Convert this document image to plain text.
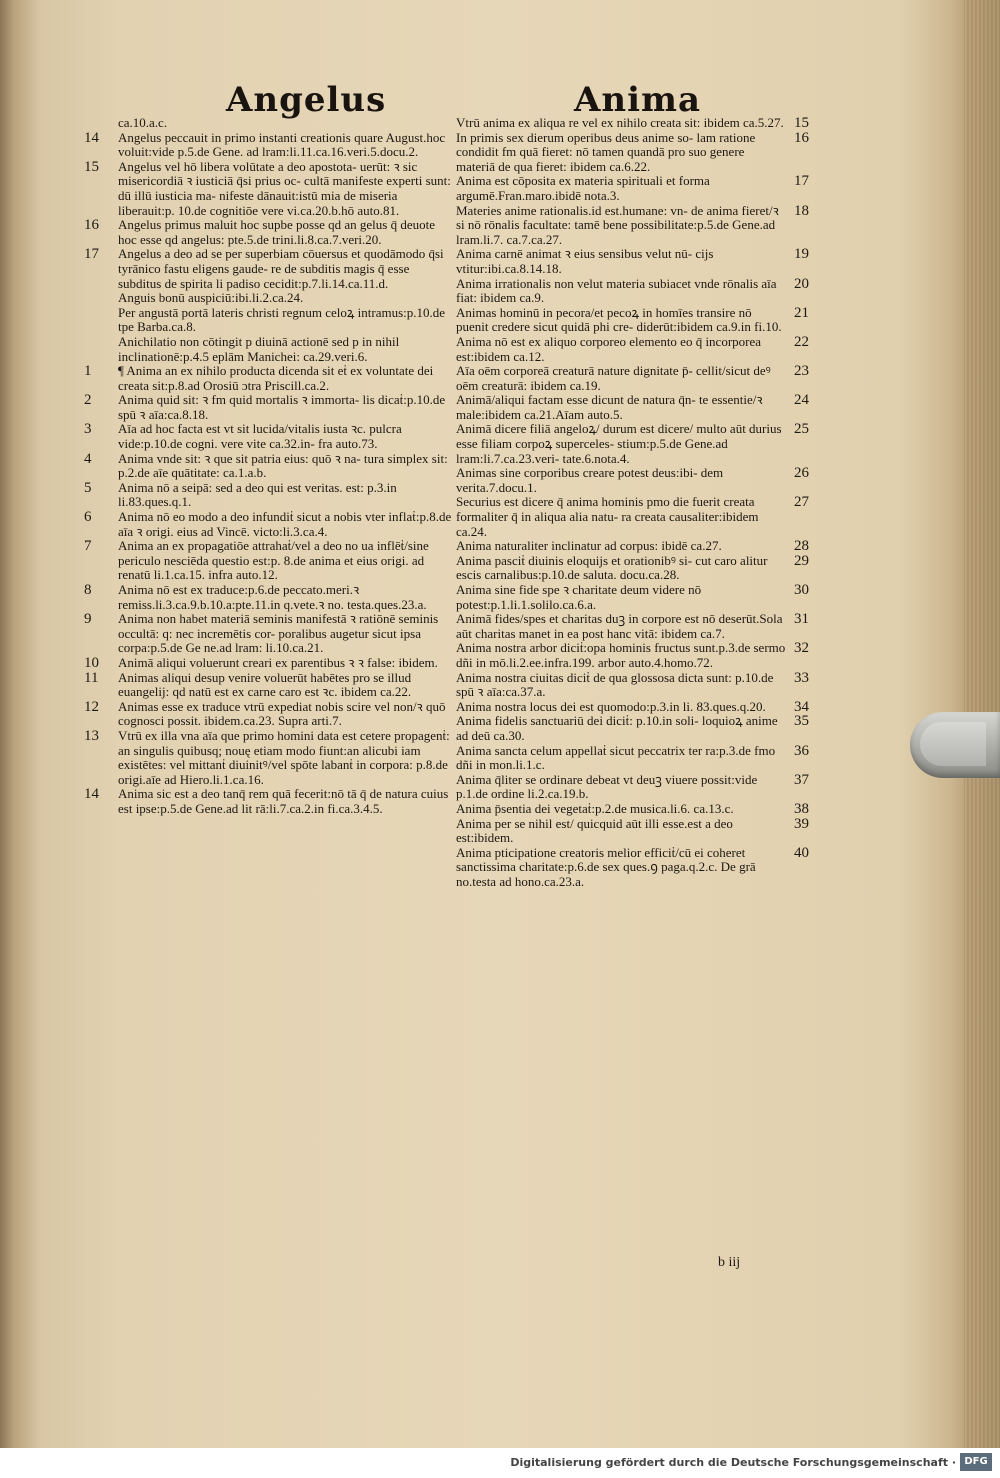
Angelus	Anima

ca.10.a.c.

14 Angelus peccauit in primo instanti creationis quare August.hoc voluit:vide p.5.de Gene. ad lram:li.11.ca.16.veri.5.docu.2.

15 Angelus vel hō libera volūtate a deo apostota- uerūt: ꝛ sic misericordiā ꝛ iusticiā q̄si prius oc- cultā manifeste experti sunt: dū illū iusticia ma- nifeste dānauit:istū mia de miseria liberauit:p. 10.de cognitiōe vere vi.ca.20.b.hō auto.81.

16 Angelus primus maluit hoc supbe posse qd an gelus q̄ deuote hoc esse qd angelus: pte.5.de trini.li.8.ca.7.veri.20.

17 Angelus a deo ad se per superbiam cōuersus et quodāmodo q̄si tyrānico fastu eligens gaude- re de subditis magis q̄ esse subditus de spirita li padiso cecidit:p.7.li.14.ca.11.d.

Anguis bonū auspiciū:ibi.li.2.ca.24.

Per angustā portā lateris christi regnum celoꝝ intramus:p.10.de tpe Barba.ca.8.

Anichilatio non cōtingit p diuinā actionē sed p in nihil inclinationē:p.4.5 eplām Manichei: ca.29.veri.6.

1 ¶ Anima an ex nihilo producta dicenda sit eṫ ex voluntate dei creata sit:p.8.ad Orosiū ɔtra Priscill.ca.2.

2 Anima quid sit: ꝛ fm quid mortalis ꝛ immorta- lis dicaṫ:p.10.de spū ꝛ aīa:ca.8.18.

3 Aīa ad hoc facta est vt sit lucida/vitalis iusta ꝛc. pulcra vide:p.10.de cogni. vere vite ca.32.in- fra auto.73.

4 Anima vnde sit: ꝛ que sit patria eius: quō ꝛ na- tura simplex sit: p.2.de aīe quātitate: ca.1.a.b.

5 Anima nō a seipā: sed a deo qui est veritas. est: p.3.in li.83.ques.q.1.

6 Anima nō eo modo a deo infundiṫ sicut a nobis vter inflaṫ:p.8.de aīa ꝛ origi. eius ad Vincē. victo:li.3.ca.4.

7 Anima an ex propagatiōe attrahaṫ/vel a deo no ua inflēṫ/sine periculo nesciēda questio est:p. 8.de anima et eius origi. ad renatū li.1.ca.15. infra auto.12.

8 Anima nō est ex traduce:p.6.de peccato.meri.ꝛ remiss.li.3.ca.9.b.10.a:pte.11.in q.vete.ꝛ no. testa.ques.23.a.

9 Anima non habet materiā seminis manifestā ꝛ ratiōnē seminis occultā: q: nec incremētis cor- poralibus augetur sicut ipsa corpa:p.5.de Ge ne.ad lram: li.10.ca.21.

10 Animā aliqui voluerunt creari ex parentibus ꝛ ꝛ false: ibidem.

11 Animas aliqui desup venire voluerūt habētes pro se illud euangelij: qd natū est ex carne caro est ꝛc. ibidem ca.22.

12 Animas esse ex traduce vtrū expediat nobis scire vel non/ꝛ quō cognosci possit. ibidem.ca.23. Supra arti.7.

13 Vtrū ex illa vna aīa que primo homini data est cetere propagenṫ: an singulis quibusq; nouę etiam modo fiunt:an alicubi iam existētes: vel mittanṫ diuinitꝰ/vel spōte labanṫ in corpora: p.8.de origi.aīe ad Hiero.li.1.ca.16.

14 Anima sic est a deo tanq̄ rem quā fecerit:nō tā q̄ de natura cuius est ipse:p.5.de Gene.ad lit rā:li.7.ca.2.in fi.ca.3.4.5.

15
Vtrū anima ex aliqua re vel ex nihilo creata sit: ibidem ca.5.27.

16
In primis sex dierum operibus deus anime so- lam ratione condidit fm quā fieret: nō tamen quandā pro suo genere materiā de qua fieret: ibidem ca.6.22.

17
Anima est cōposita ex materia spirituali et forma argumē.Fran.maro.ibidē nota.3.

18
Materies anime rationalis.id est.humane: vn- de anima fieret/ꝛ si nō rōnalis facultate: tamē bene possibilitate:p.5.de Gene.ad lram.li.7. ca.7.ca.27.

19
Anima carnē animat ꝛ eius sensibus velut nū- cijs vtitur:ibi.ca.8.14.18.

20
Anima irrationalis non velut materia subiacet vnde rōnalis aīa fiat: ibidem ca.9.

21
Animas hominū in pecora/et pecoꝝ in homīes transire nō puenit credere sicut quidā phi cre- diderūt:ibidem ca.9.in fi.10.

22
Anima nō est ex aliquo corporeo elemento eo q̄ incorporea est:ibidem ca.12.

23
Aīa oēm corporeā creaturā nature dignitate p̄- cellit/sicut deꝰ oēm creaturā: ibidem ca.19.

24
Animā/aliqui factam esse dicunt de natura q̄n- te essentie/ꝛ male:ibidem ca.21.Aīam auto.5.

25
Animā dicere filiā angeloꝝ/ durum est dicere/ multo aūt durius esse filiam corpoꝝ superceles- stium:p.5.de Gene.ad lram:li.7.ca.23.veri- tate.6.nota.4.

26
Animas sine corporibus creare potest deus:ibi- dem verita.7.docu.1.

27
Securius est dicere q̄ anima hominis pmo die fuerit creata formaliter q̄ in aliqua alia natu- ra creata causaliter:ibidem ca.24.

28
Anima naturaliter inclinatur ad corpus: ibidē ca.27.

29
Anima pasciṫ diuinis eloquijs et orationibꝰ si- cut caro alitur escis carnalibus:p.10.de saluta. docu.ca.28.

30
Anima sine fide spe ꝛ charitate deum videre nō potest:p.1.li.1.solilo.ca.6.a.

31
Animā fides/spes et charitas duꝫ in corpore est nō deserūt.Sola aūt charitas manet in ea post hanc vitā: ibidem ca.7.

32
Anima nostra arbor diciṫ:opa hominis fructus sunt.p.3.de sermo dñi in mō.li.2.ee.infra.199. arbor auto.4.homo.72.

33
Anima nostra ciuitas diciṫ de qua glossosa dicta sunt: p.10.de spū ꝛ aīa:ca.37.a.

34
Anima nostra locus dei est quomodo:p.3.in li. 83.ques.q.20.

35
Anima fidelis sanctuariū dei diciṫ: p.10.in soli- loquioꝝ anime ad deū ca.30.

36
Anima sancta celum appellaṫ sicut peccatrix ter ra:p.3.de fmo dñi in mon.li.1.c.

37
Anima q̄liter se ordinare debeat vt deuꝫ viuere possit:vide p.1.de ordine li.2.ca.19.b.

38
Anima p̄sentia dei vegetaṫ:p.2.de musica.li.6. ca.13.c.

39
Anima per se nihil est/ quicquid aūt illi esse.est a deo est:ibidem.

40
Anima pticipatione creatoris melior efficiṫ/cū ei coheret sanctissima charitate:p.6.de sex ques.ꝯ paga.q.2.c. De grā no.testa ad hono.ca.23.a.

b iij
Digitalisierung gefördert durch die Deutsche Forschungsgemeinschaft · DFG
